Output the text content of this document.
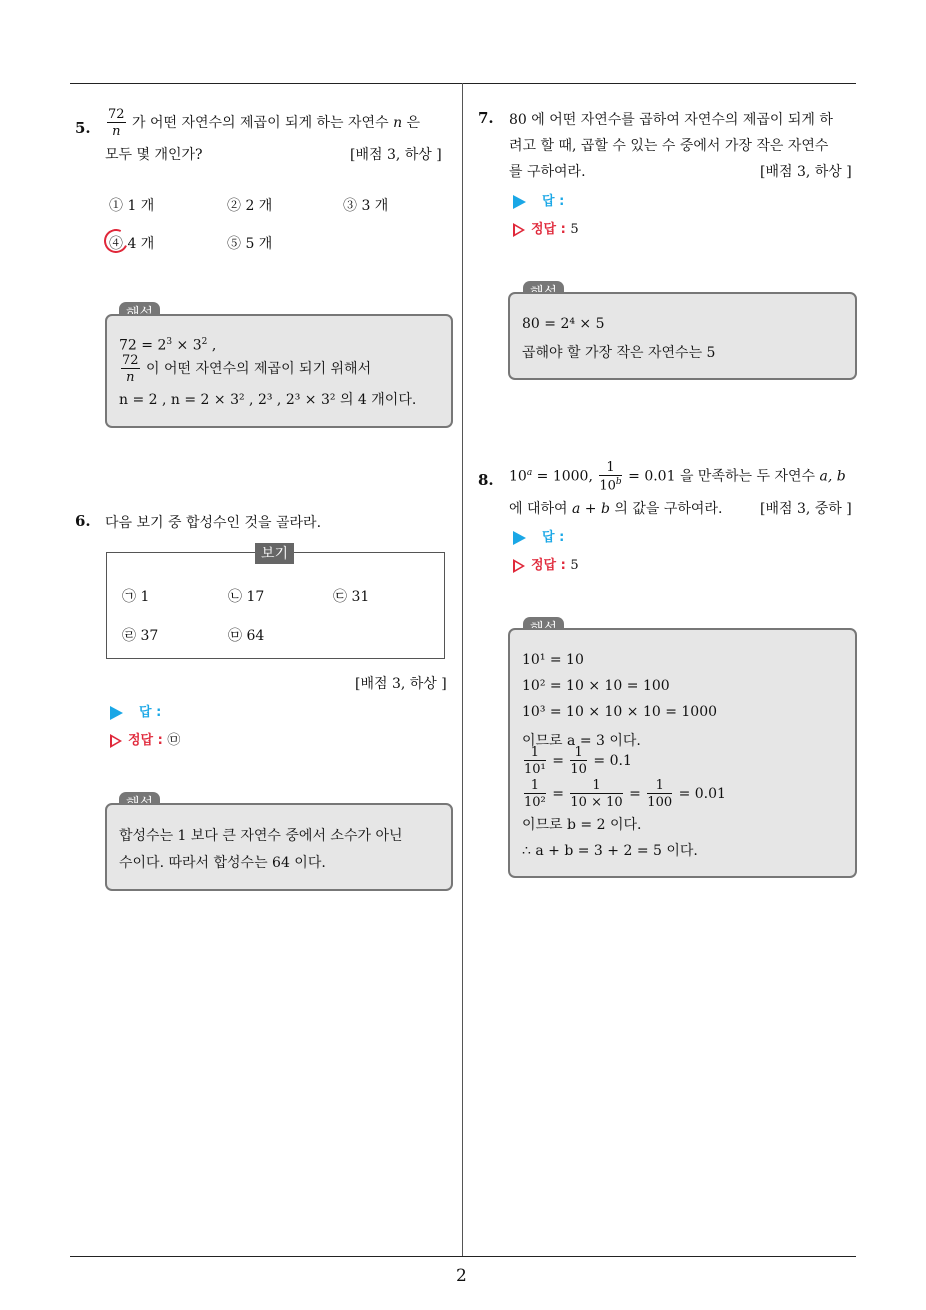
2
5. $\frac{72}{n}$ 가 어떤 자연수의 제곱이 되게 하는 자연수 n 은
모두 몇 개인가?	[배점 3, 하상 ]
① 1 개	② 2 개	③ 3 개
④ 4 개	⑤ 5 개
$72 = 2^3 \times 3^2$ ,
$\frac{72}{n}$ 이 어떤 자연수의 제곱이 되기 위해서
n = 2 , n = 2 × 3² , 2³ , 2³ × 3² 의 4 개이다.
6. 다음 보기 중 합성수인 것을 골라라.
보기
㉠ 1	㉡ 17	㉢ 31
㉣ 37	㉤ 64
[배점 3, 하상 ]
답 :
정답 : ㉤
합성수는 1 보다 큰 자연수 중에서 소수가 아닌
수이다. 따라서 합성수는 64 이다.
7. 80 에 어떤 자연수를 곱하여 자연수의 제곱이 되게 하
려고 할 때, 곱할 수 있는 수 중에서 가장 작은 자연수
를 구하여라.	[배점 3, 하상 ]
답 :
정답 : 5
80 = 2⁴ × 5
곱해야 할 가장 작은 자연수는 5
8. $10^a = 1000$, $\frac{1}{10^b} = 0.01$ 을 만족하는 두 자연수 a, b
에 대하여 a + b 의 값을 구하여라.	[배점 3, 중하 ]
답 :
정답 : 5
10¹ = 10
10² = 10 × 10 = 100
10³ = 10 × 10 × 10 = 1000
이므로 a = 3 이다.
$\frac{1}{\text{10¹}} = \frac{1}{10} = 0.1$
$\frac{1}{\text{10²}} = \frac{1}{10 \times 10} = \frac{1}{100} = 0.01$
이므로 b = 2 이다.
∴ a + b = 3 + 2 = 5 이다.
